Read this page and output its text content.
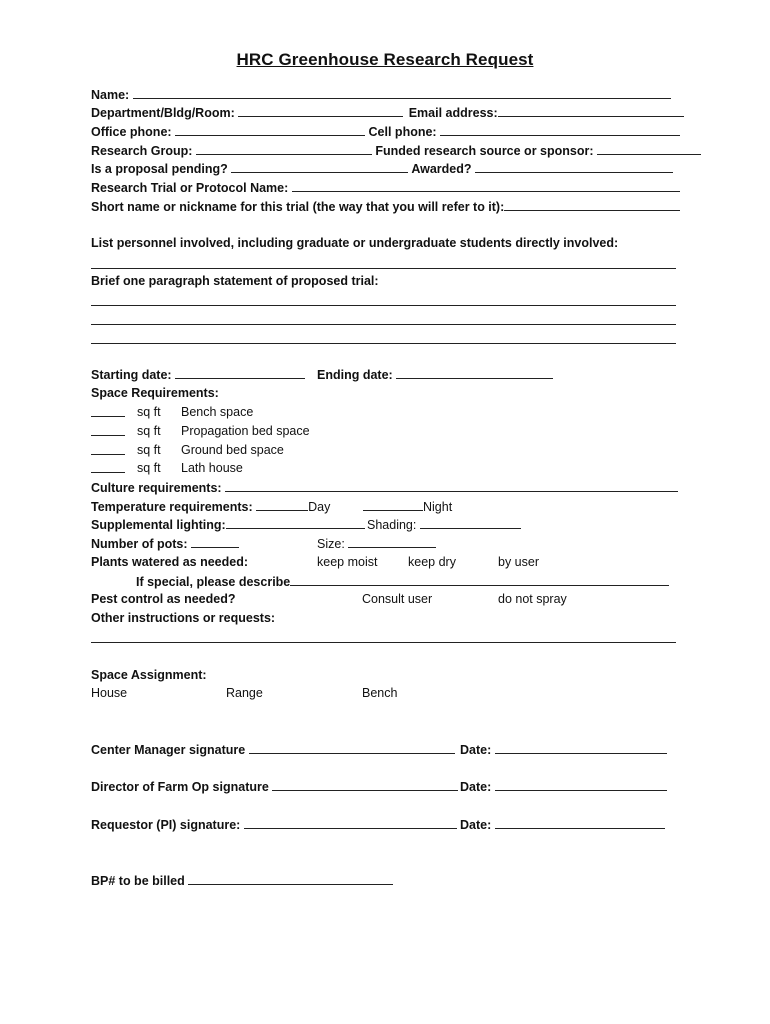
HRC Greenhouse Research Request
Name:
Department/Bldg/Room:	Email address:
Office phone:	Cell phone:
Research Group:	Funded research source or sponsor:
Is a proposal pending?	Awarded?
Research Trial or Protocol Name:
Short name or nickname for this trial (the way that you will refer to it):
List personnel involved, including graduate or undergraduate students directly involved:
Brief one paragraph statement of proposed trial:
Starting date:	Ending date:
Space Requirements:
sq ft Bench space
sq ft Propagation bed space
sq ft Ground bed space
sq ft Lath house
Culture requirements:
Temperature requirements:	Day	Night
Supplemental lighting:	Shading:
Number of pots:	Size:
Plants watered as needed:	keep moist keep dry	by user
If special, please describe
Pest control as needed?	Consult user	do not spray
Other instructions or requests:
Space Assignment:
House	Range	Bench
Center Manager signature	Date:
Director of Farm Op signature	Date:
Requestor (PI) signature:	Date:
BP# to be billed
